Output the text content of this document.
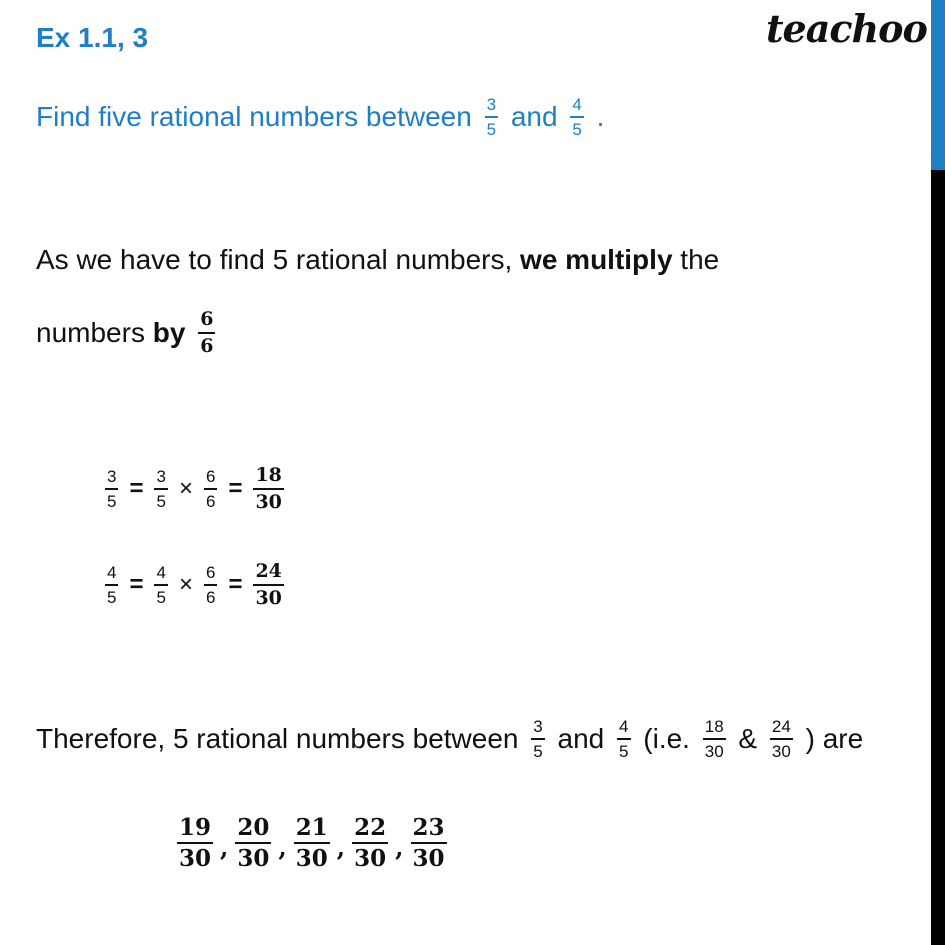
Ex 1.1, 3	teachoo
Find five rational numbers between $\frac{3}{5}$ and $\frac{4}{5}$ .
As we have to find 5 rational numbers, we multiply the
numbers by $\frac{6}{6}$
$\frac{3}{5} = \frac{3}{5} \times \frac{6}{6} = \frac{18}{30}$
$\frac{4}{5} = \frac{4}{5} \times \frac{6}{6} = \frac{24}{30}$
Therefore, 5 rational numbers between $\frac{3}{5}$ and $\frac{4}{5} (i.e$. $\frac{18}{30}$ & $\frac{24}{30}$ ) are
$\frac{19}{30}$ , $\frac{20}{30}$ , $\frac{21}{30}$ , $\frac{22}{30}$ , $\frac{23}{30}$
